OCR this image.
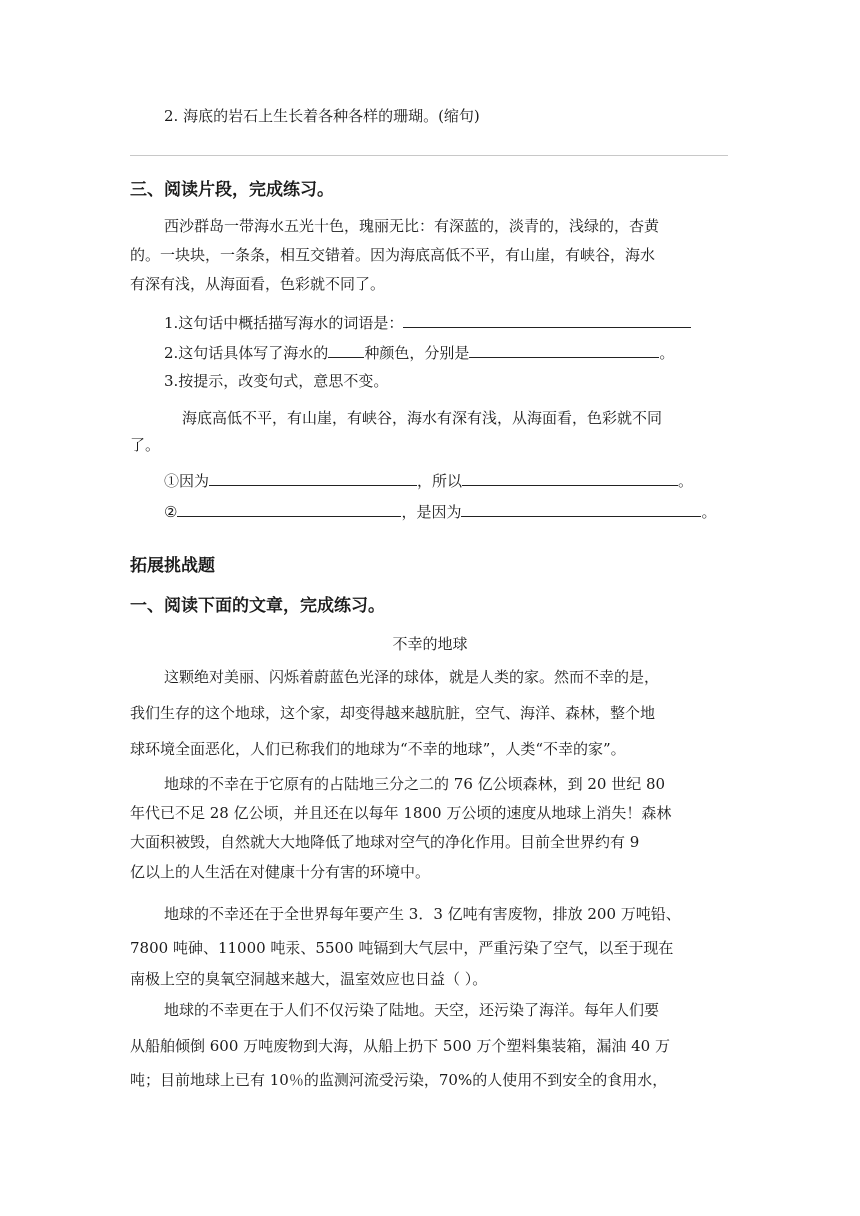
2. 海底的岩石上生长着各种各样的珊瑚。(缩句)
三、阅读片段，完成练习。
西沙群岛一带海水五光十色，瑰丽无比：有深蓝的，淡青的，浅绿的，杏黄
的。一块块，一条条，相互交错着。因为海底高低不平，有山崖，有峡谷，海水
有深有浅，从海面看，色彩就不同了。
1.这句话中概括描写海水的词语是：
2.这句话具体写了海水的 种颜色，分别是	。
3.按提示，改变句式，意思不变。
海底高低不平，有山崖，有峡谷，海水有深有浅，从海面看，色彩就不同
了。
①因为	，所以	。
②	，是因为	。
拓展挑战题
一、阅读下面的文章，完成练习。
不幸的地球
这颗绝对美丽、闪烁着蔚蓝色光泽的球体，就是人类的家。然而不幸的是，
我们生存的这个地球，这个家，却变得越来越肮脏，空气、海洋、森林，整个地
球环境全面恶化，人们已称我们的地球为“不幸的地球”，人类“不幸的家”。
地球的不幸在于它原有的占陆地三分之二的 76 亿公顷森林，到 20 世纪 80
年代已不足 28 亿公顷，并且还在以每年 1800 万公顷的速度从地球上消失！森林
大面积被毁，自然就大大地降低了地球对空气的净化作用。目前全世界约有 9
亿以上的人生活在对健康十分有害的环境中。
地球的不幸还在于全世界每年要产生 3．3 亿吨有害废物，排放 200 万吨铅、
7800 吨砷、11000 吨汞、5500 吨镉到大气层中，严重污染了空气，以至于现在
南极上空的臭氧空洞越来越大，温室效应也日益（ ）。
地球的不幸更在于人们不仅污染了陆地。天空，还污染了海洋。每年人们要
从船舶倾倒 600 万吨废物到大海，从船上扔下 500 万个塑料集装箱，漏油 40 万
吨；目前地球上已有 10％的监测河流受污染，70%的人使用不到安全的食用水，
